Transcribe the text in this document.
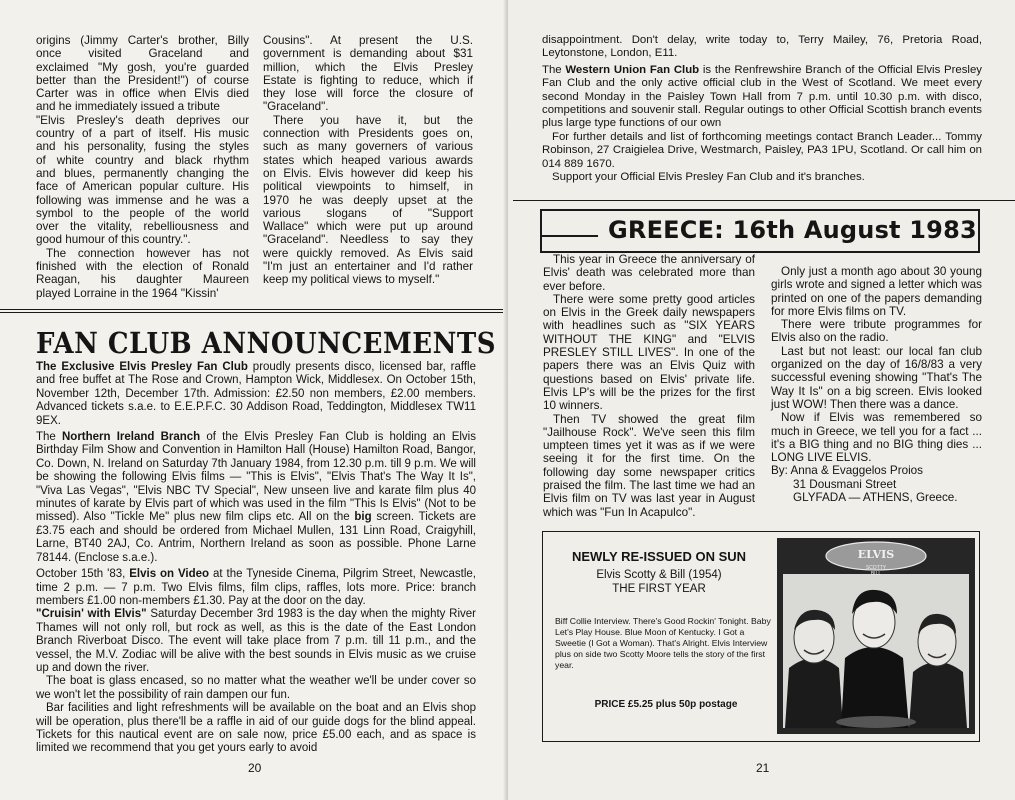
origins (Jimmy Carter's brother, Billy

once visited Graceland and

exclaimed "My gosh, you're guarded

better than the President!") of course

Carter was in office when Elvis died

and he immediately issued a tribute

"Elvis Presley's death deprives our

country of a part of itself. His music

and his personality, fusing the styles

of white country and black rhythm

and blues, permanently changing the

face of American popular culture. His

following was immense and he was a

symbol to the people of the world

over the vitality, rebelliousness and

good humour of this country.".

The connection however has not

finished with the election of Ronald

Reagan, his daughter Maureen

played Lorraine in the 1964 "Kissin'

Cousins". At present the U.S.

government is demanding about $31

million, which the Elvis Presley

Estate is fighting to reduce, which if

they lose will force the closure of

"Graceland".

There you have it, but the

connection with Presidents goes on,

such as many governers of various

states which heaped various awards

on Elvis. Elvis however did keep his

political viewpoints to himself, in

1970 he was deeply upset at the

various slogans of "Support

Wallace" which were put up around

"Graceland". Needless to say they

were quickly removed. As Elvis said

"I'm just an entertainer and I'd rather

keep my political views to myself."

FAN CLUB ANNOUNCEMENTS

The Exclusive Elvis Presley Fan Club proudly presents disco, licensed bar, raffle and free buffet at The Rose and Crown, Hampton Wick, Middlesex. On October 15th, November 12th, December 17th. Admission: £2.50 non members, £2.00 members. Advanced tickets s.a.e. to E.E.P.F.C. 30 Addison Road, Teddington, Middlesex TW11 9EX.

The Northern Ireland Branch of the Elvis Presley Fan Club is holding an Elvis Birthday Film Show and Convention in Hamilton Hall (House) Hamilton Road, Bangor, Co. Down, N. Ireland on Saturday 7th January 1984, from 12.30 p.m. till 9 p.m. We will be showing the following Elvis films — "This is Elvis", "Elvis That's The Way It Is", "Viva Las Vegas", "Elvis NBC TV Special", New unseen live and karate film plus 40 minutes of karate by Elvis part of which was used in the film "This Is Elvis" (Not to be missed). Also "Tickle Me" plus new film clips etc. All on the big screen. Tickets are £3.75 each and should be ordered from Michael Mullen, 131 Linn Road, Craigyhill, Larne, BT40 2AJ, Co. Antrim, Northern Ireland as soon as possible. Phone Larne 78144. (Enclose s.a.e.).

October 15th '83, Elvis on Video at the Tyneside Cinema, Pilgrim Street, Newcastle, time 2 p.m. — 7 p.m. Two Elvis films, film clips, raffles, lots more. Price: branch members £1.00 non-members £1.30. Pay at the door on the day.

"Cruisin' with Elvis" Saturday December 3rd 1983 is the day when the mighty River Thames will not only roll, but rock as well, as this is the date of the East London Branch Riverboat Disco. The event will take place from 7 p.m. till 11 p.m., and the vessel, the M.V. Zodiac will be alive with the best sounds in Elvis music as we cruise up and down the river.

The boat is glass encased, so no matter what the weather we'll be under cover so we won't let the possibility of rain dampen our fun.

Bar facilities and light refreshments will be available on the boat and an Elvis shop will be operation, plus there'll be a raffle in aid of our guide dogs for the blind appeal. Tickets for this nautical event are on sale now, price £5.00 each, and as space is limited we recommend that you get yours early to avoid

20

disappointment. Don't delay, write today to, Terry Mailey, 76, Pretoria Road, Leytonstone, London, E11.

The Western Union Fan Club is the Renfrewshire Branch of the Official Elvis Presley Fan Club and the only active official club in the West of Scotland. We meet every second Monday in the Paisley Town Hall from 7 p.m. until 10.30 p.m. with disco, competitions and souvenir stall. Regular outings to other Official Scottish branch events plus large type functions of our own

For further details and list of forthcoming meetings contact Branch Leader... Tommy Robinson, 27 Craigielea Drive, Westmarch, Paisley, PA3 1PU, Scotland. Or call him on 014 889 1670.

Support your Official Elvis Presley Fan Club and it's branches.

GREECE: 16th August 1983

This year in Greece the anniversary of Elvis' death was celebrated more than ever before.

There were some pretty good articles on Elvis in the Greek daily newspapers with headlines such as "SIX YEARS WITHOUT THE KING" and "ELVIS PRESLEY STILL LIVES". In one of the papers there was an Elvis Quiz with questions based on Elvis' private life. Elvis LP's will be the prizes for the first 10 winners.

Then TV showed the great film "Jailhouse Rock". We've seen this film umpteen times yet it was as if we were seeing it for the first time. On the following day some newspaper critics praised the film. The last time we had an Elvis film on TV was last year in August which was "Fun In Acapulco".

Only just a month ago about 30 young girls wrote and signed a letter which was printed on one of the papers demanding for more Elvis films on TV.

There were tribute programmes for Elvis also on the radio.

Last but not least: our local fan club organized on the day of 16/8/83 a very successful evening showing "That's The Way It Is" on a big screen. Elvis looked just WOW! Then there was a dance.

Now if Elvis was remembered so much in Greece, we tell you for a fact ... it's a BIG thing and no BIG thing dies ... LONG LIVE ELVIS.

By: Anna & Evaggelos Proios

31 Dousmani Street

GLYFADA — ATHENS, Greece.

NEWLY RE-ISSUED ON SUN
Elvis Scotty & Bill (1954)
THE FIRST YEAR
Biff Collie Interview. There's Good Rockin' Tonight. Baby Let's Play House. Blue Moon of Kentucky. I Got a Sweetie (I Got a Woman). That's Alright. Elvis Interview plus on side two Scotty Moore tells the story of the first year.
PRICE £5.25 plus 50p postage
ELVIS
SCOTTY
BILL
21
